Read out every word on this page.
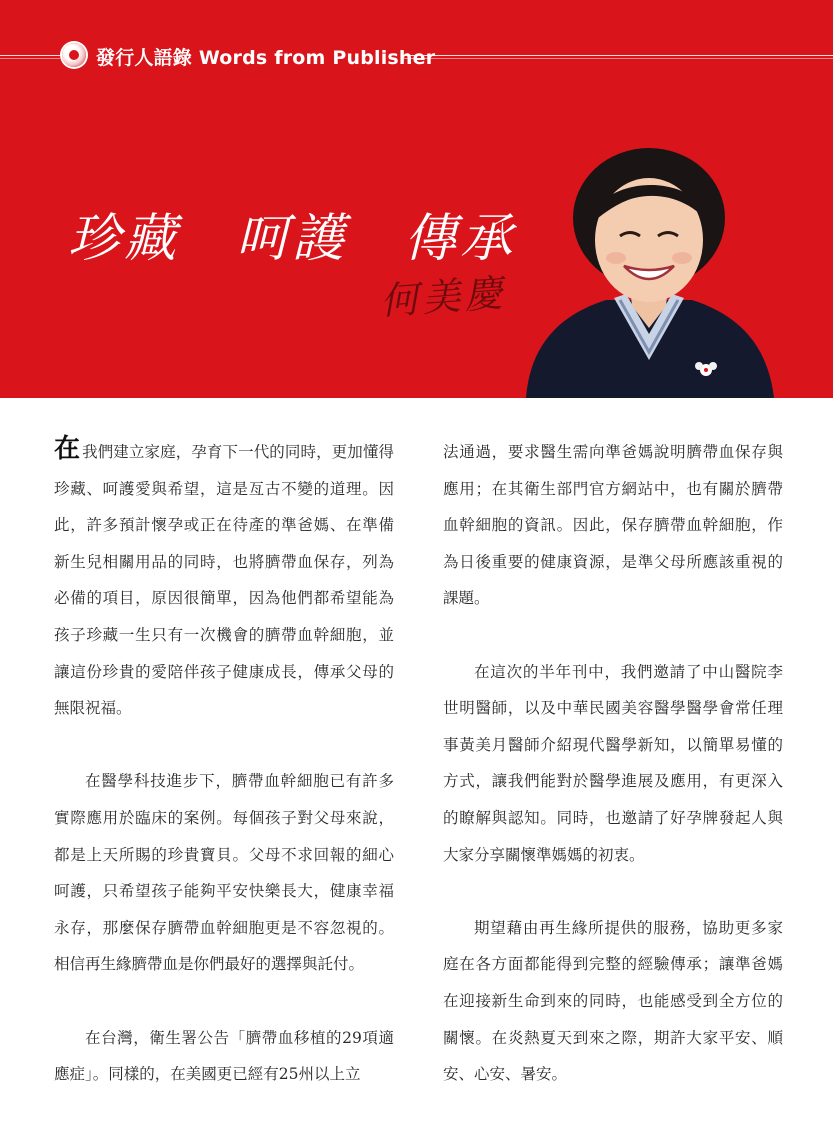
發行人語錄 Words from Publisher
珍藏　呵護　傳承
何美慶

在我們建立家庭，孕育下一代的同時，更加懂得珍藏、呵護愛與希望，這是亙古不變的道理。因此，許多預計懷孕或正在待產的準爸媽、在準備新生兒相關用品的同時，也將臍帶血保存，列為必備的項目，原因很簡單，因為他們都希望能為孩子珍藏一生只有一次機會的臍帶血幹細胞，並讓這份珍貴的愛陪伴孩子健康成長，傳承父母的無限祝福。

在醫學科技進步下，臍帶血幹細胞已有許多實際應用於臨床的案例。每個孩子對父母來說，都是上天所賜的珍貴寶貝。父母不求回報的細心呵護，只希望孩子能夠平安快樂長大，健康幸福永存，那麼保存臍帶血幹細胞更是不容忽視的。相信再生緣臍帶血是你們最好的選擇與託付。

在台灣，衛生署公告「臍帶血移植的29項適應症」。同樣的，在美國更已經有25州以上立

法通過，要求醫生需向準爸媽說明臍帶血保存與應用；在其衛生部門官方網站中，也有關於臍帶血幹細胞的資訊。因此，保存臍帶血幹細胞，作為日後重要的健康資源，是準父母所應該重視的課題。

在這次的半年刊中，我們邀請了中山醫院李世明醫師，以及中華民國美容醫學醫學會常任理事黃美月醫師介紹現代醫學新知，以簡單易懂的方式，讓我們能對於醫學進展及應用，有更深入的瞭解與認知。同時，也邀請了好孕牌發起人與大家分享關懷準媽媽的初衷。

期望藉由再生緣所提供的服務，協助更多家庭在各方面都能得到完整的經驗傳承；讓準爸媽在迎接新生命到來的同時，也能感受到全方位的關懷。在炎熱夏天到來之際，期許大家平安、順安、心安、暑安。
